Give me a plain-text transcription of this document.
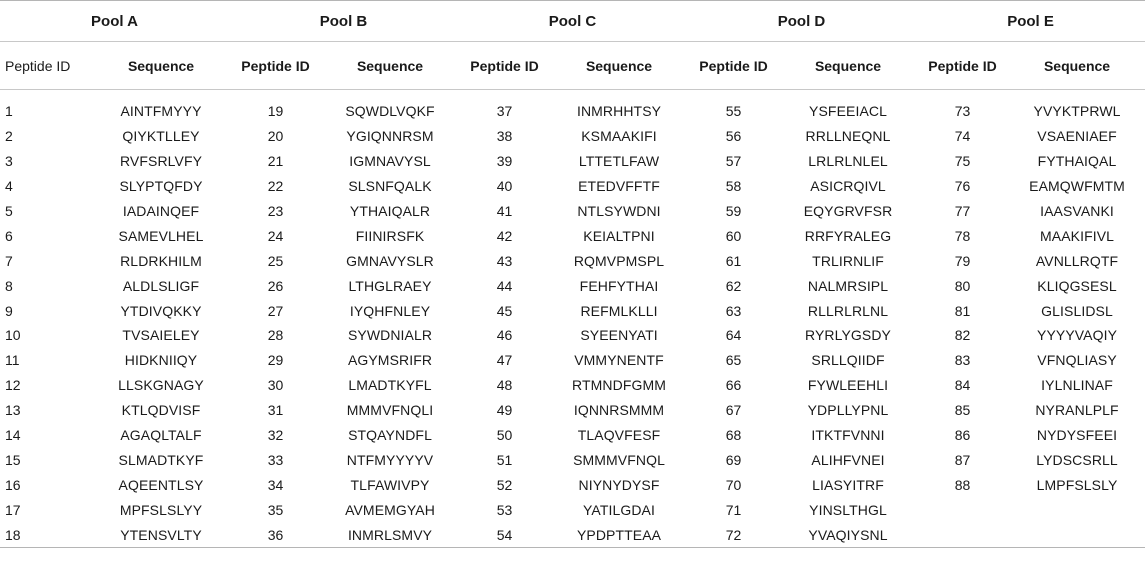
Pool A		Pool B		Pool C		Pool D		Pool E	
Peptide ID	Sequence	Peptide ID	Sequence	Peptide ID	Sequence	Peptide ID	Sequence	Peptide ID	Sequence

1	AINTFMYYY	19	SQWDLVQKF	37	INMRHHTSY	55	YSFEEIACL	73	YVYKTPRWL
2	QIYKTLLEY	20	YGIQNNRSM	38	KSMAAKIFI	56	RRLLNEQNL	74	VSAENIAEF
3	RVFSRLVFY	21	IGMNAVYSL	39	LTTETLFAW	57	LRLRLNLEL	75	FYTHAIQAL
4	SLYPTQFDY	22	SLSNFQALK	40	ETEDVFFTF	58	ASICRQIVL	76	EAMQWFMTM
5	IADAINQEF	23	YTHAIQALR	41	NTLSYWDNI	59	EQYGRVFSR	77	IAASVANKI
6	SAMEVLHEL	24	FIINIRSFK	42	KEIALTPNI	60	RRFYRALEG	78	MAAKIFIVL
7	RLDRKHILM	25	GMNAVYSLR	43	RQMVPMSPL	61	TRLIRNLIF	79	AVNLLRQTF
8	ALDLSLIGF	26	LTHGLRAEY	44	FEHFYTHAI	62	NALMRSIPL	80	KLIQGSESL
9	YTDIVQKKY	27	IYQHFNLEY	45	REFMLKLLI	63	RLLRLRLNL	81	GLISLIDSL
10	TVSAIELEY	28	SYWDNIALR	46	SYEENYATI	64	RYRLYGSDY	82	YYYYVAQIY
11	HIDKNIIQY	29	AGYMSRIFR	47	VMMYNENTF	65	SRLLQIIDF	83	VFNQLIASY
12	LLSKGNAGY	30	LMADTKYFL	48	RTMNDFGMM	66	FYWLEEHLI	84	IYLNLINAF
13	KTLQDVISF	31	MMMVFNQLI	49	IQNNRSMMM	67	YDPLLYPNL	85	NYRANLPLF
14	AGAQLTALF	32	STQAYNDFL	50	TLAQVFESF	68	ITKTFVNNI	86	NYDYSFEEI
15	SLMADTKYF	33	NTFMYYYYV	51	SMMMVFNQL	69	ALIHFVNEI	87	LYDSCSRLL
16	AQEENTLSY	34	TLFAWIVPY	52	NIYNYDYSF	70	LIASYITRF	88	LMPFSLSLY
17	MPFSLSLYY	35	AVMEMGYAH	53	YATILGDAI	71	YINSLTHGL		
18	YTENSVLTY	36	INMRLSMVY	54	YPDPTTEAA	72	YVAQIYSNL		
